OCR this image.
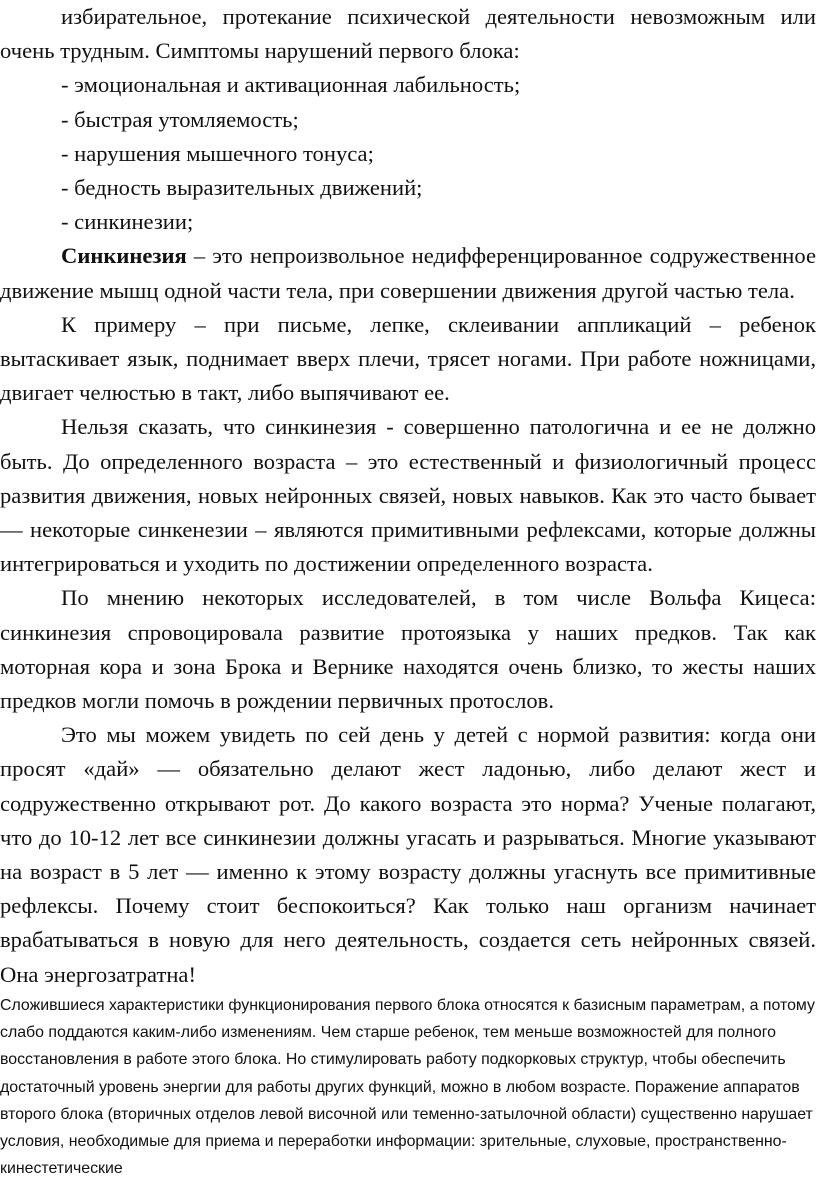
избирательное, протекание психической деятельности невозможным или очень трудным. Симптомы нарушений первого блока:

- эмоциональная и активационная лабильность;

- быстрая утомляемость;

- нарушения мышечного тонуса;

- бедность выразительных движений;

- синкинезии;

Синкинезия – это непроизвольное недифференцированное содружественное движение мышц одной части тела, при совершении движения другой частью тела.

К примеру – при письме, лепке, склеивании аппликаций – ребенок вытаскивает язык, поднимает вверх плечи, трясет ногами. При работе ножницами, двигает челюстью в такт, либо выпячивают ее.

Нельзя сказать, что синкинезия - совершенно патологична и ее не должно быть. До определенного возраста – это естественный и физиологичный процесс развития движения, новых нейронных связей, новых навыков. Как это часто бывает — некоторые синкенезии – являются примитивными рефлексами, которые должны интегрироваться и уходить по достижении определенного возраста.

По мнению некоторых исследователей, в том числе Вольфа Кицеса: синкинезия спровоцировала развитие протоязыка у наших предков. Так как моторная кора и зона Брока и Вернике находятся очень близко, то жесты наших предков могли помочь в рождении первичных протослов.

Это мы можем увидеть по сей день у детей с нормой развития: когда они просят «дай» — обязательно делают жест ладонью, либо делают жест и содружественно открывают рот. До какого возраста это норма? Ученые полагают, что до 10-12 лет все синкинезии должны угасать и разрываться. Многие указывают на возраст в 5 лет — именно к этому возрасту должны угаснуть все примитивные рефлексы. Почему стоит беспокоиться? Как только наш организм начинает врабатываться в новую для него деятельность, создается сеть нейронных связей. Она энергозатратна!

Сложившиеся характеристики функционирования первого блока относятся к базисным параметрам, а потому слабо поддаются каким-либо изменениям. Чем старше ребенок, тем меньше возможностей для полного восстановления в работе этого блока. Но стимулировать работу подкорковых структур, чтобы обеспечить достаточный уровень энергии для работы других функций, можно в любом возрасте. Поражение аппаратов второго блока (вторичных отделов левой височной или теменно-затылочной области) существенно нарушает условия, необходимые для приема и переработки информации: зрительные, слуховые, пространственно-кинестетические
